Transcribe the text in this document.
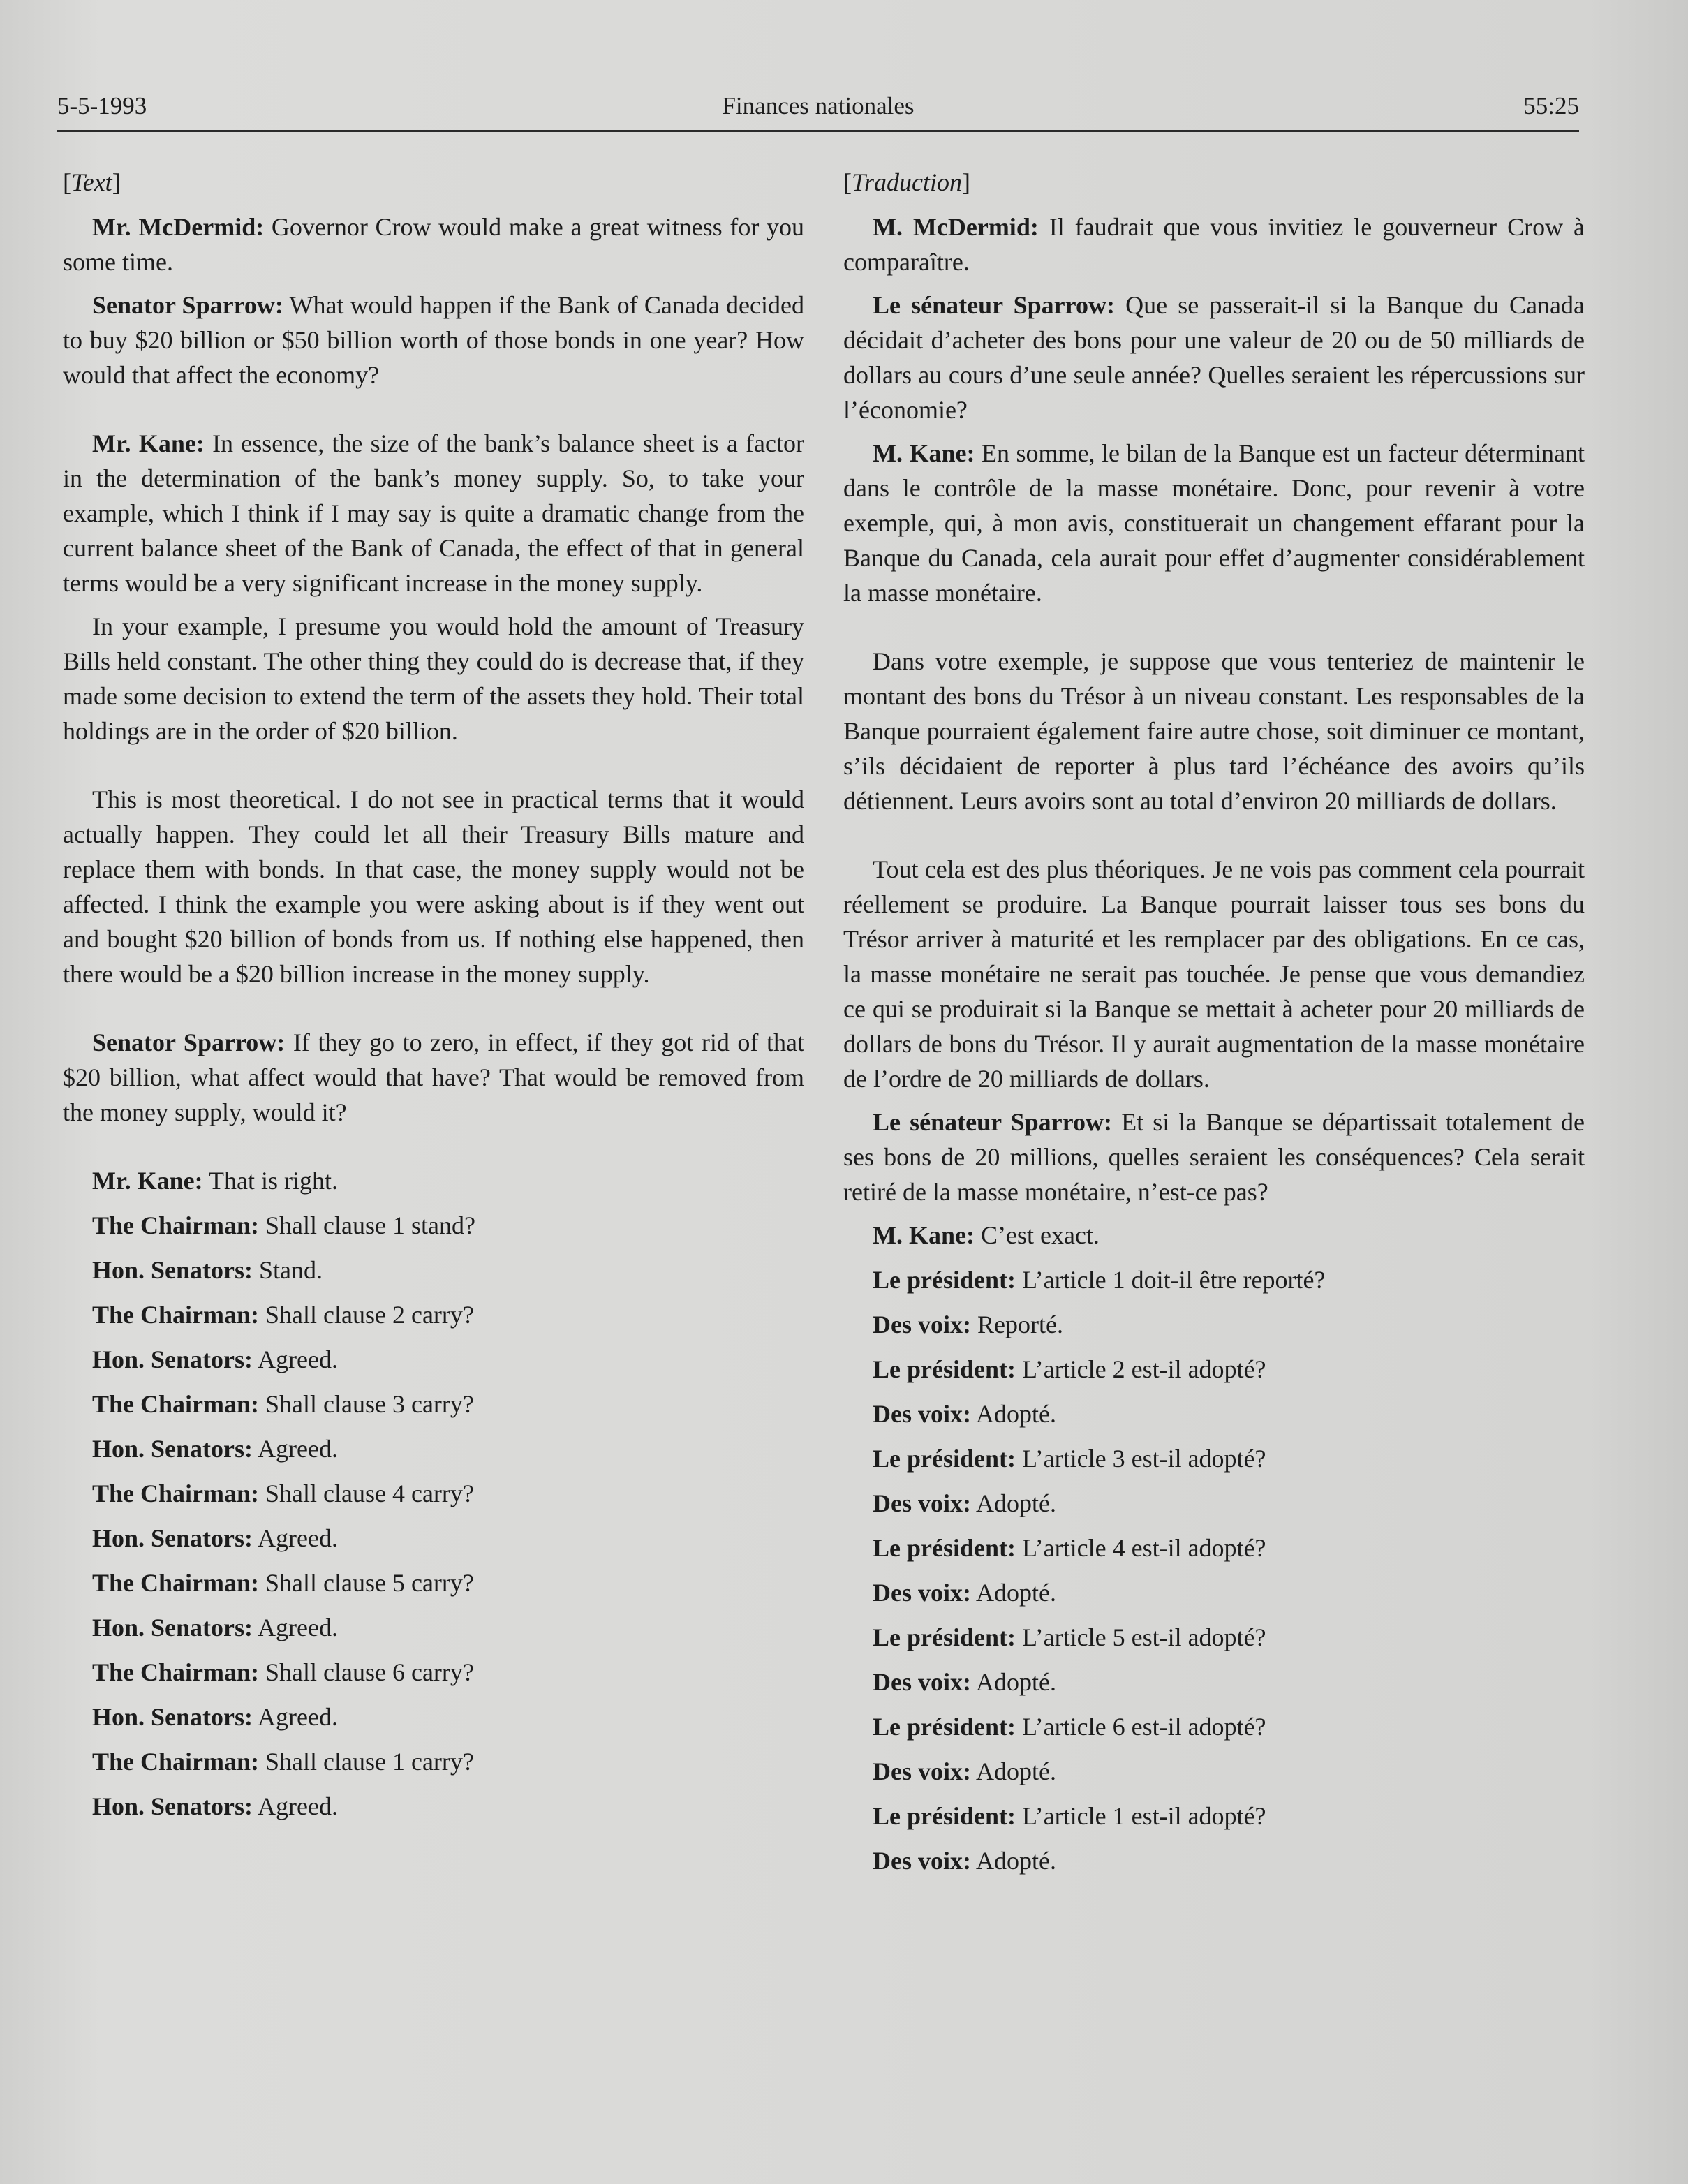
5-5-1993	Finances nationales	55:25

[Text]

Mr. McDermid: Governor Crow would make a great witness for you some time.

Senator Sparrow: What would happen if the Bank of Canada decided to buy $20 billion or $50 billion worth of those bonds in one year? How would that affect the economy?

Mr. Kane: In essence, the size of the bank’s balance sheet is a factor in the determination of the bank’s money supply. So, to take your example, which I think if I may say is quite a dramatic change from the current balance sheet of the Bank of Canada, the effect of that in general terms would be a very significant increase in the money supply.

In your example, I presume you would hold the amount of Treasury Bills held constant. The other thing they could do is decrease that, if they made some decision to extend the term of the assets they hold. Their total holdings are in the order of $20 billion.

This is most theoretical. I do not see in practical terms that it would actually happen. They could let all their Treasury Bills mature and replace them with bonds. In that case, the money supply would not be affected. I think the example you were asking about is if they went out and bought $20 billion of bonds from us. If nothing else happened, then there would be a $20 billion increase in the money supply.

Senator Sparrow: If they go to zero, in effect, if they got rid of that $20 billion, what affect would that have? That would be removed from the money supply, would it?

Mr. Kane: That is right.

The Chairman: Shall clause 1 stand?

Hon. Senators: Stand.

The Chairman: Shall clause 2 carry?

Hon. Senators: Agreed.

The Chairman: Shall clause 3 carry?

Hon. Senators: Agreed.

The Chairman: Shall clause 4 carry?

Hon. Senators: Agreed.

The Chairman: Shall clause 5 carry?

Hon. Senators: Agreed.

The Chairman: Shall clause 6 carry?

Hon. Senators: Agreed.

The Chairman: Shall clause 1 carry?

Hon. Senators: Agreed.

[Traduction]

M. McDermid: Il faudrait que vous invitiez le gouverneur Crow à comparaître.

Le sénateur Sparrow: Que se passerait-il si la Banque du Canada décidait d’acheter des bons pour une valeur de 20 ou de 50 milliards de dollars au cours d’une seule année? Quelles seraient les répercussions sur l’économie?

M. Kane: En somme, le bilan de la Banque est un facteur déterminant dans le contrôle de la masse monétaire. Donc, pour revenir à votre exemple, qui, à mon avis, constituerait un changement effarant pour la Banque du Canada, cela aurait pour effet d’augmenter considérablement la masse monétaire.

Dans votre exemple, je suppose que vous tenteriez de maintenir le montant des bons du Trésor à un niveau constant. Les responsables de la Banque pourraient également faire autre chose, soit diminuer ce montant, s’ils décidaient de reporter à plus tard l’échéance des avoirs qu’ils détiennent. Leurs avoirs sont au total d’environ 20 milliards de dollars.

Tout cela est des plus théoriques. Je ne vois pas comment cela pourrait réellement se produire. La Banque pourrait laisser tous ses bons du Trésor arriver à maturité et les remplacer par des obligations. En ce cas, la masse monétaire ne serait pas touchée. Je pense que vous demandiez ce qui se produirait si la Banque se mettait à acheter pour 20 milliards de dollars de bons du Trésor. Il y aurait augmentation de la masse monétaire de l’ordre de 20 milliards de dollars.

Le sénateur Sparrow: Et si la Banque se départissait totalement de ses bons de 20 millions, quelles seraient les conséquences? Cela serait retiré de la masse monétaire, n’est-ce pas?

M. Kane: C’est exact.

Le président: L’article 1 doit-il être reporté?

Des voix: Reporté.

Le président: L’article 2 est-il adopté?

Des voix: Adopté.

Le président: L’article 3 est-il adopté?

Des voix: Adopté.

Le président: L’article 4 est-il adopté?

Des voix: Adopté.

Le président: L’article 5 est-il adopté?

Des voix: Adopté.

Le président: L’article 6 est-il adopté?

Des voix: Adopté.

Le président: L’article 1 est-il adopté?

Des voix: Adopté.
